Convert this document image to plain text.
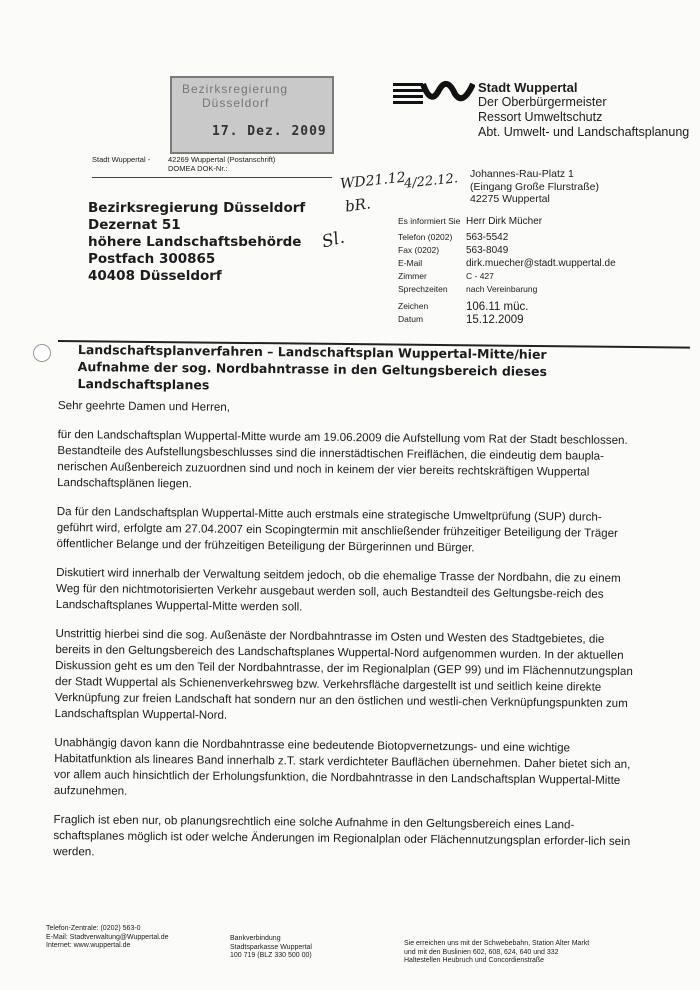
Bezirksregierung
Düsseldorf
17. Dez. 2009
Stadt Wuppertal
Der Oberbürgermeister
Ressort Umweltschutz
Abt. Umwelt- und Landschaftsplanung
Stadt Wuppertal - 42269 Wuppertal (Postanschrift)
DOMEA DOK-Nr.:
Bezirksregierung Düsseldorf
Dezernat 51
höhere Landschaftsbehörde
Postfach 300865
40408 Düsseldorf
WD21.12
4/22.12.
bR.
Sl.
Johannes-Rau-Platz 1
(Eingang Große Flurstraße)
42275 Wuppertal
Es informiert Sie Herr Dirk Mücher
Telefon (0202) 563-5542
Fax (0202)	563-8049
E-Mail	dirk.muecher@stadt.wuppertal.de
Zimmer	C - 427
Sprechzeiten nach Vereinbarung
Zeichen	106.11 müc.
Datum	15.12.2009
Landschaftsplanverfahren – Landschaftsplan Wuppertal-Mitte/hier Aufnahme der sog. Nordbahntrasse in den Geltungsbereich dieses Landschaftsplanes

Sehr geehrte Damen und Herren,

für den Landschaftsplan Wuppertal-Mitte wurde am 19.06.2009 die Aufstellung vom Rat der Stadt beschlossen.

Bestandteile des Aufstellungsbeschlusses sind die innerstädtischen Freiflächen, die eindeutig dem baupla-nerischen Außenbereich zuzuordnen sind und noch in keinem der vier bereits rechtskräftigen Wuppertal Landschaftsplänen liegen.

Da für den Landschaftsplan Wuppertal-Mitte auch erstmals eine strategische Umweltprüfung (SUP) durch-geführt wird, erfolgte am 27.04.2007 ein Scopingtermin mit anschließender frühzeitiger Beteiligung der Träger öffentlicher Belange und der frühzeitigen Beteiligung der Bürgerinnen und Bürger.

Diskutiert wird innerhalb der Verwaltung seitdem jedoch, ob die ehemalige Trasse der Nordbahn, die zu einem Weg für den nichtmotorisierten Verkehr ausgebaut werden soll, auch Bestandteil des Geltungsbe-reich des Landschaftsplanes Wuppertal-Mitte werden soll.

Unstrittig hierbei sind die sog. Außenäste der Nordbahntrasse im Osten und Westen des Stadtgebietes, die bereits in den Geltungsbereich des Landschaftsplanes Wuppertal-Nord aufgenommen wurden. In der aktuellen Diskussion geht es um den Teil der Nordbahntrasse, der im Regionalplan (GEP 99) und im Flächennutzungsplan der Stadt Wuppertal als Schienenverkehrsweg bzw. Verkehrsfläche dargestellt ist und seitlich keine direkte Verknüpfung zur freien Landschaft hat sondern nur an den östlichen und westli-chen Verknüpfungspunkten zum Landschaftsplan Wuppertal-Nord.

Unabhängig davon kann die Nordbahntrasse eine bedeutende Biotopvernetzungs- und eine wichtige Habitatfunktion als lineares Band innerhalb z.T. stark verdichteter Bauflächen übernehmen. Daher bietet sich an, vor allem auch hinsichtlich der Erholungsfunktion, die Nordbahntrasse in den Landschaftsplan Wuppertal-Mitte aufzunehmen.

Fraglich ist eben nur, ob planungsrechtlich eine solche Aufnahme in den Geltungsbereich eines Land-schaftsplanes möglich ist oder welche Änderungen im Regionalplan oder Flächennutzungsplan erforder-lich sein werden.

Telefon-Zentrale: (0202) 563-0
E-Mail: Stadtverwaltung@Wuppertal.de
Internet: www.wuppertal.de
Bankverbindung
Stadtsparkasse Wuppertal
100 719 (BLZ 330 500 00)
Sie erreichen uns mit der Schwebebahn, Station Alter Markt
und mit den Buslinien 602, 608, 624, 640 und 332
Haltestellen Heubruch und Concordienstraße
